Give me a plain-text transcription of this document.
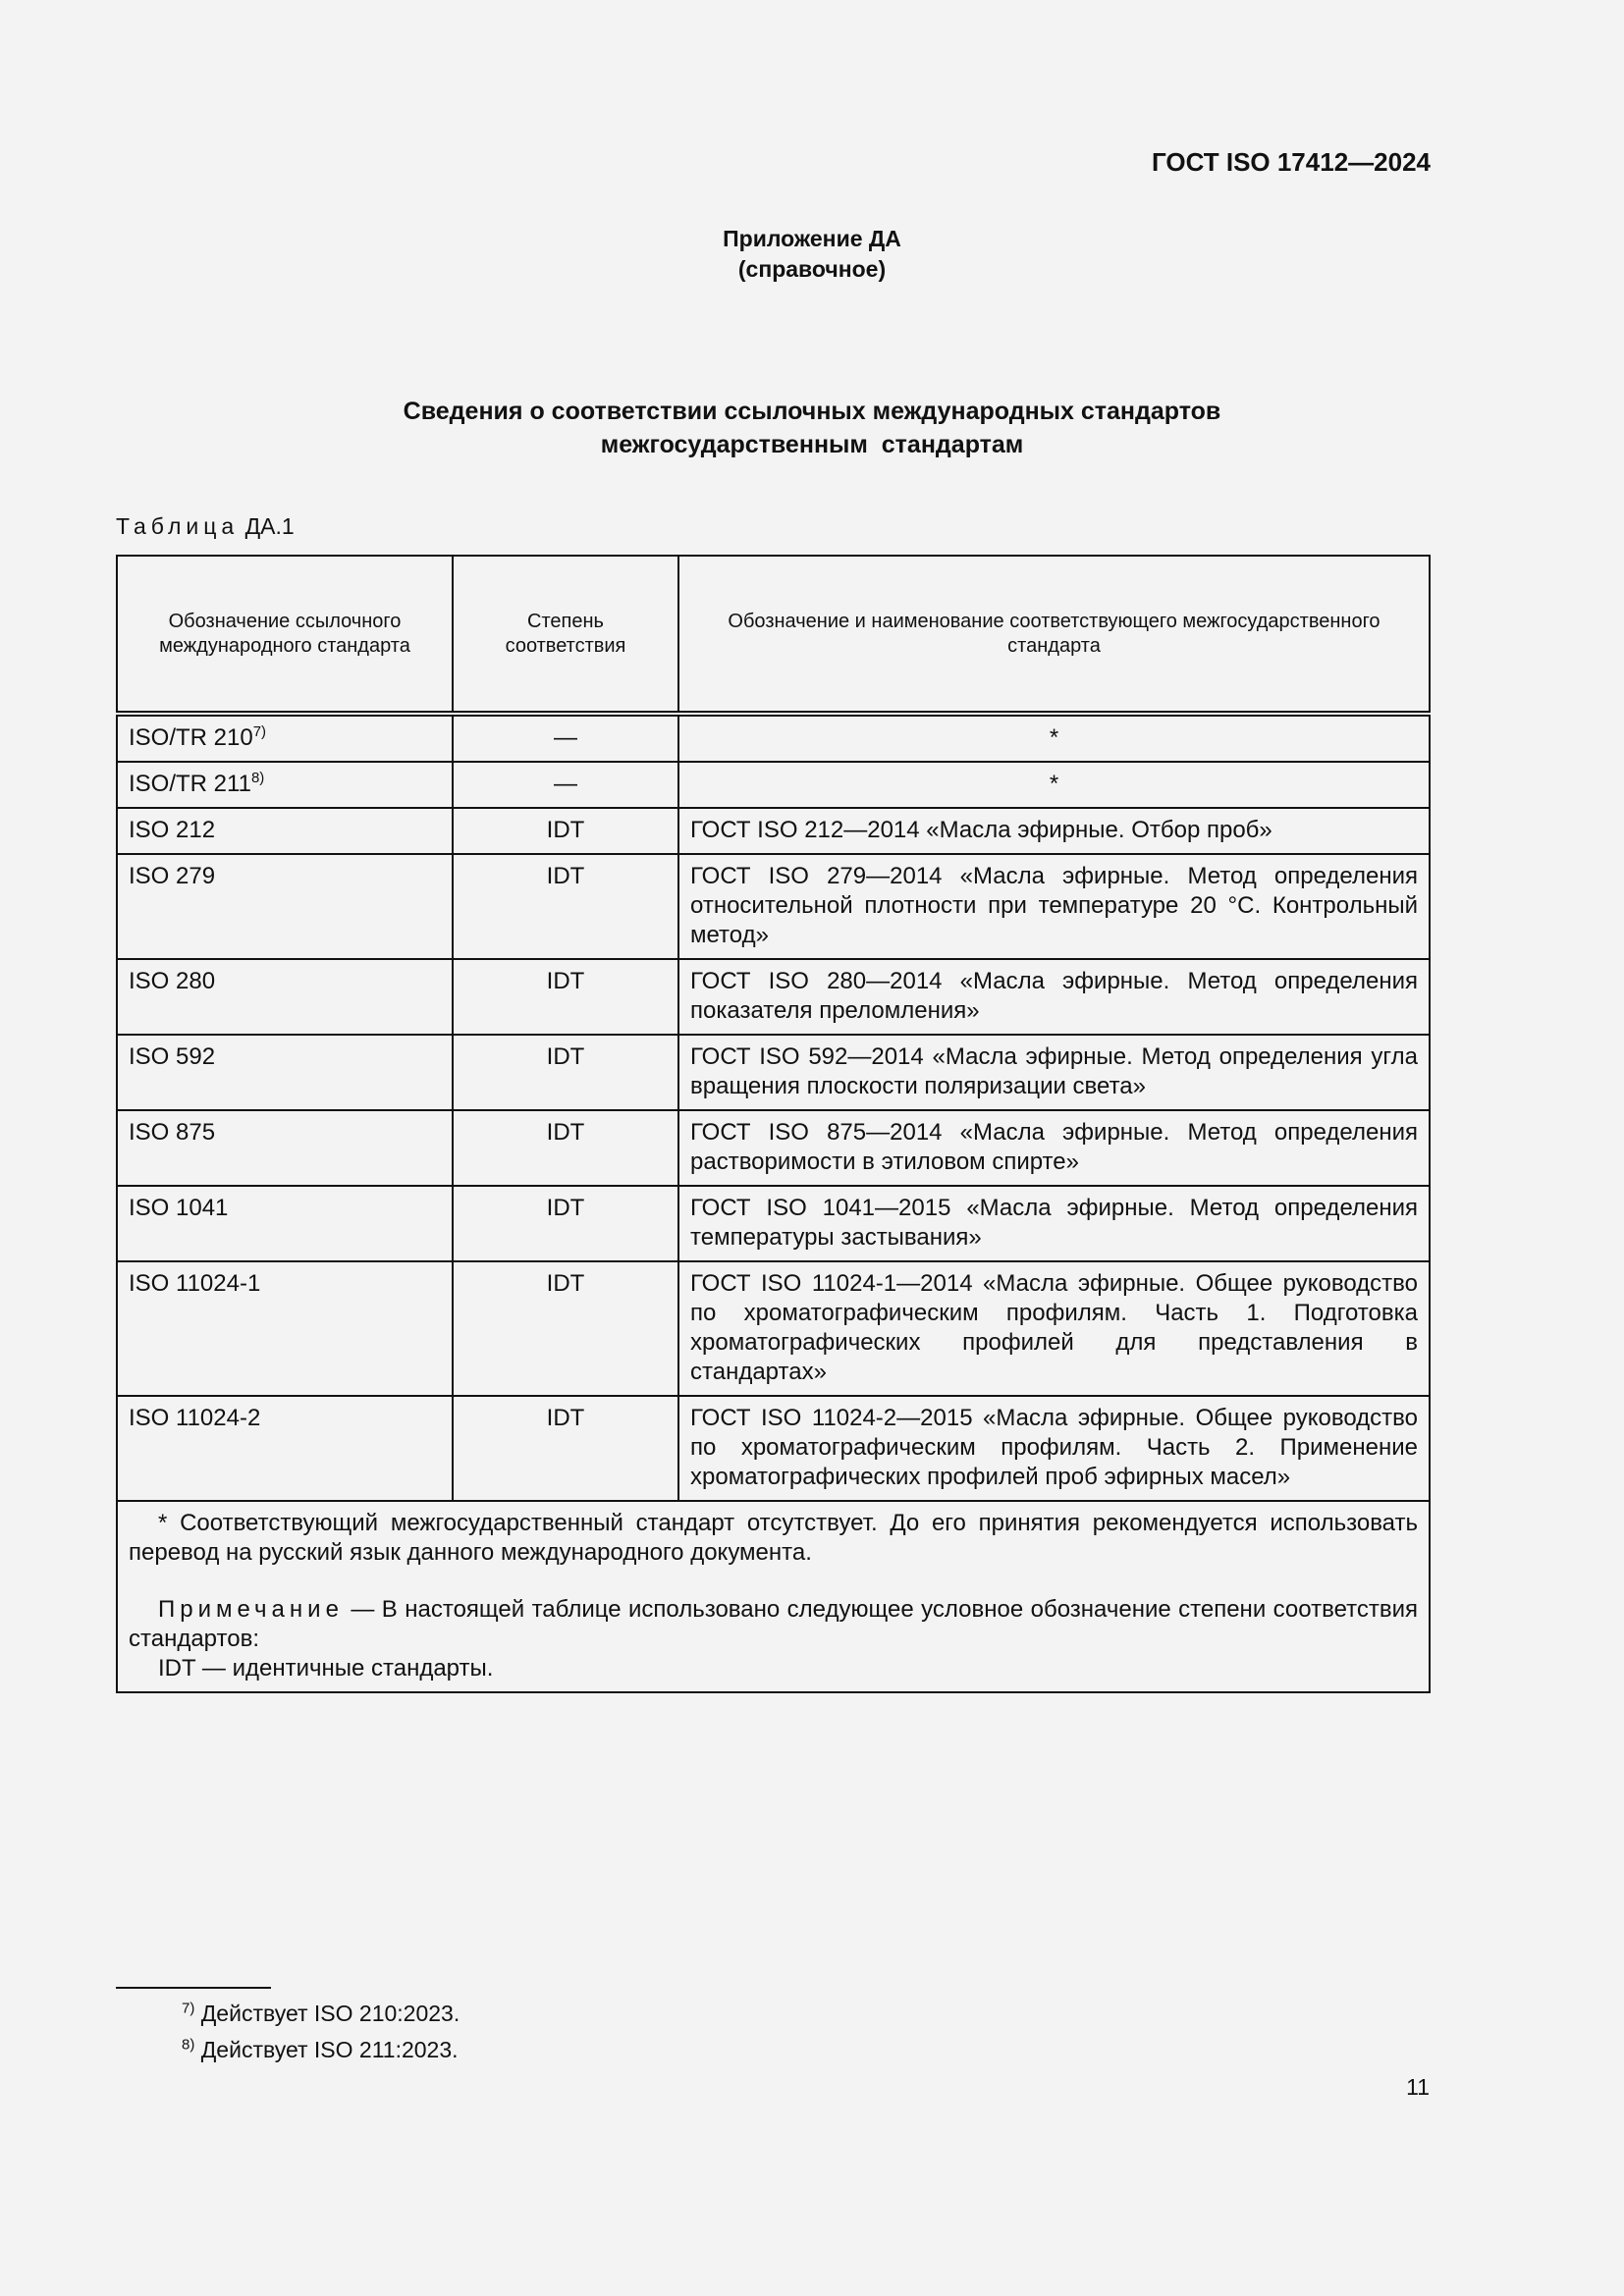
ГОСТ ISO 17412—2024
Приложение ДА
(справочное)
Сведения о соответствии ссылочных международных стандартов
межгосударственным  стандартам
Таблица ДА.1
Обозначение ссылочного международного стандарта	Степень соответствия	Обозначение и наименование соответствующего межгосударственного стандарта
ISO/TR 210$^{7)}$	—	*
ISO/TR 211$^{8)}$	—	*
ISO 212	IDT	ГОСТ ISO 212—2014 «Масла эфирные. Отбор проб»
ISO 279	IDT	ГОСТ ISO 279—2014 «Масла эфирные. Метод определения относительной плотности при температуре 20 °С. Контрольный метод»
ISO 280	IDT	ГОСТ ISO 280—2014 «Масла эфирные. Метод определения показателя преломления»
ISO 592	IDT	ГОСТ ISO 592—2014 «Масла эфирные. Метод определения угла вращения плоскости поляризации света»
ISO 875	IDT	ГОСТ ISO 875—2014 «Масла эфирные. Метод определения растворимости в этиловом спирте»
ISO 1041	IDT	ГОСТ ISO 1041—2015 «Масла эфирные. Метод определения температуры застывания»
ISO 11024-1	IDT	ГОСТ ISO 11024-1—2014 «Масла эфирные. Общее руководство по хроматографическим профилям. Часть 1. Подготовка хроматографических профилей для представления в стандартах»
ISO 11024-2	IDT	ГОСТ ISO 11024-2—2015 «Масла эфирные. Общее руководство по хроматографическим профилям. Часть 2. Применение хроматографических профилей проб эфирных масел»

* Соответствующий межгосударственный стандарт отсутствует. До его принятия рекомендуется использовать перевод на русский язык данного международного документа.
Примечание — В настоящей таблице использовано следующее условное обозначение степени соответствия стандартов:
IDT — идентичные стандарты.		
$^{7)}$ Действует ISO 210:2023.
$^{8)}$ Действует ISO 211:2023.
11
